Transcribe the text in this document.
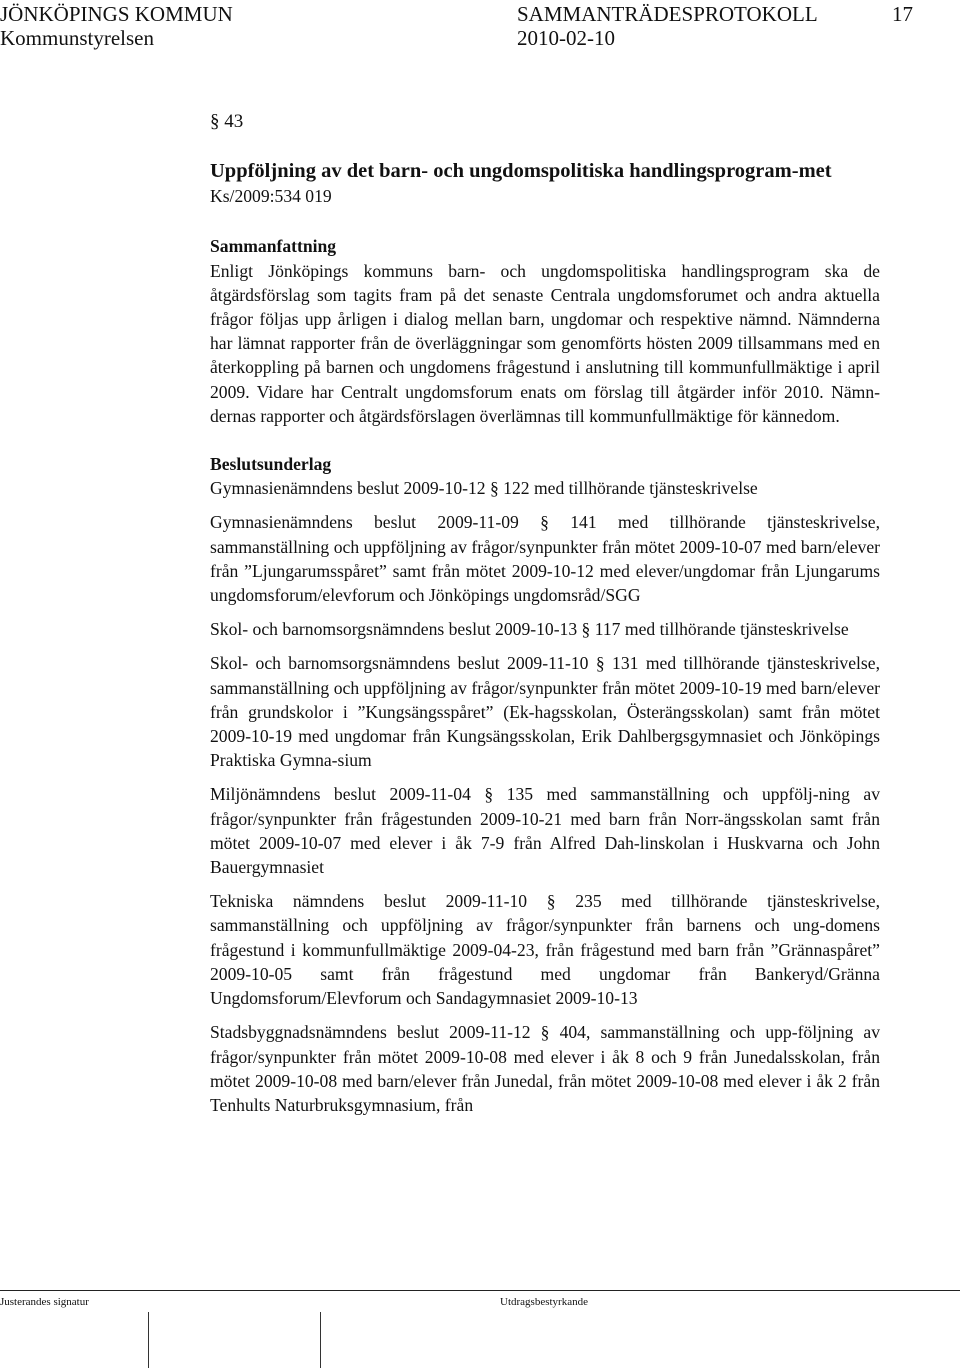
JÖNKÖPINGS KOMMUN	SAMMANTRÄDESPROTOKOLL	17
Kommunstyrelsen	2010-02-10

§ 43

Uppföljning av det barn- och ungdomspolitiska handlingsprogram-met

Ks/2009:534 019

Sammanfattning

Enligt Jönköpings kommuns barn- och ungdomspolitiska handlingsprogram ska de åtgärdsförslag som tagits fram på det senaste Centrala ungdomsforumet och andra aktuella frågor följas upp årligen i dialog mellan barn, ungdomar och respektive nämnd. Nämnderna har lämnat rapporter från de överläggningar som genomförts hösten 2009 tillsammans med en återkoppling på barnen och ungdomens frågestund i anslutning till kommunfullmäktige i april 2009. Vidare har Centralt ungdomsforum enats om förslag till åtgärder inför 2010. Nämn-dernas rapporter och åtgärdsförslagen överlämnas till kommunfullmäktige för kännedom.

Beslutsunderlag

Gymnasienämndens beslut 2009-10-12 § 122 med tillhörande tjänsteskrivelse

Gymnasienämndens beslut 2009-11-09 § 141 med tillhörande tjänsteskrivelse, sammanställning och uppföljning av frågor/synpunkter från mötet 2009-10-07 med barn/elever från ”Ljungarumsspåret” samt från mötet 2009-10-12 med elever/ungdomar från Ljungarums ungdomsforum/elevforum och Jönköpings ungdomsråd/SGG

Skol- och barnomsorgsnämndens beslut 2009-10-13 § 117 med tillhörande tjänsteskrivelse

Skol- och barnomsorgsnämndens beslut 2009-11-10 § 131 med tillhörande tjänsteskrivelse, sammanställning och uppföljning av frågor/synpunkter från mötet 2009-10-19 med barn/elever från grundskolor i ”Kungsängsspåret” (Ek-hagsskolan, Österängsskolan) samt från mötet 2009-10-19 med ungdomar från Kungsängsskolan, Erik Dahlbergsgymnasiet och Jönköpings Praktiska Gymna-sium

Miljönämndens beslut 2009-11-04 § 135 med sammanställning och uppfölj-ning av frågor/synpunkter från frågestunden 2009-10-21 med barn från Norr-ängsskolan samt från mötet 2009-10-07 med elever i åk 7-9 från Alfred Dah-linskolan i Huskvarna och John Bauergymnasiet

Tekniska nämndens beslut 2009-11-10 § 235 med tillhörande tjänsteskrivelse, sammanställning och uppföljning av frågor/synpunkter från barnens och ung-domens frågestund i kommunfullmäktige 2009-04-23, från frågestund med barn från ”Grännaspåret” 2009-10-05 samt från frågestund med ungdomar från Bankeryd/Gränna Ungdomsforum/Elevforum och Sandagymnasiet 2009-10-13

Stadsbyggnadsnämndens beslut 2009-11-12 § 404, sammanställning och upp-följning av frågor/synpunkter från mötet 2009-10-08 med elever i åk 8 och 9 från Junedalsskolan, från mötet 2009-10-08 med barn/elever från Junedal, från mötet 2009-10-08 med elever i åk 2 från Tenhults Naturbruksgymnasium, från

Justerandes signatur	Utdragsbestyrkande
